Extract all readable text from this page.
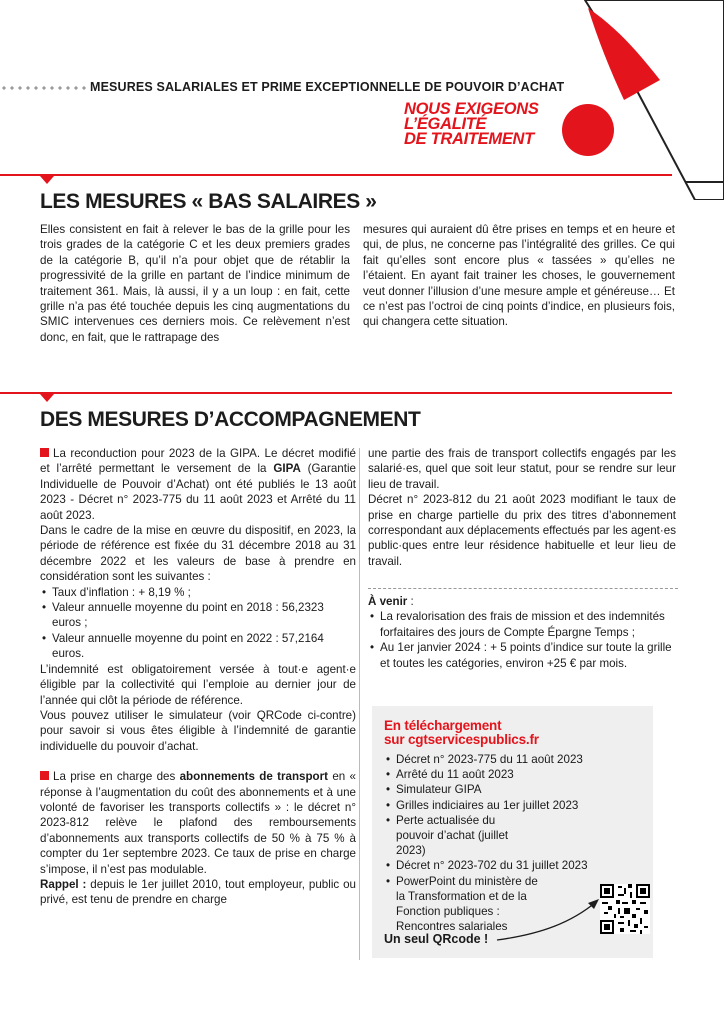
MESURES SALARIALES ET PRIME EXCEPTIONNELLE DE POUVOIR D’ACHAT
NOUS EXIGEONS
L’ÉGALITÉ
DE TRAITEMENT
LES MESURES « BAS SALAIRES »

Elles consistent en fait à relever le bas de la grille pour les trois grades de la catégorie C et les deux premiers grades de la catégorie B, qu’il n’a pour objet que de rétablir la progressivité de la grille en partant de l’indice minimum de traitement 361. Mais, là aussi, il y a un loup : en fait, cette grille n’a pas été touchée depuis les cinq augmentations du SMIC intervenues ces derniers mois. Ce relèvement n’est donc, en fait, que le rattrapage des

mesures qui auraient dû être prises en temps et en heure et qui, de plus, ne concerne pas l’intégralité des grilles. Ce qui fait qu’elles sont encore plus « tassées » qu’elles ne l’étaient. En ayant fait trainer les choses, le gouvernement veut donner l’illusion d’une mesure ample et généreuse… Et ce n’est pas l’octroi de cinq points d’indice, en plusieurs fois, qui changera cette situation.

DES MESURES D’ACCOMPAGNEMENT

La reconduction pour 2023 de la GIPA. Le décret modifié et l’arrêté permettant le versement de la GIPA (Garantie Individuelle de Pouvoir d’Achat) ont été publiés le 13 août 2023 - Décret n° 2023-775 du 11 août 2023 et Arrêté du 11 août 2023.

Dans le cadre de la mise en œuvre du dispositif, en 2023, la période de référence est fixée du 31 décembre 2018 au 31 décembre 2022 et les valeurs de base à prendre en considération sont les suivantes :

• Taux d’inflation : + 8,19 % ;
• Valeur annuelle moyenne du point en 2018 : 56,2323 euros ;
• Valeur annuelle moyenne du point en 2022 : 57,2164 euros.

L’indemnité est obligatoirement versée à tout·e agent·e éligible par la collectivité qui l’emploie au dernier jour de l’année qui clôt la période de référence.

Vous pouvez utiliser le simulateur (voir QRCode ci-contre) pour savoir si vous êtes éligible à l’indemnité de garantie individuelle du pouvoir d’achat.

La prise en charge des abonnements de transport en « réponse à l’augmentation du coût des abonnements et à une volonté de favoriser les transports collectifs » : le décret n° 2023-812 relève le plafond des remboursements d’abonnements aux transports collectifs de 50 % à 75 % à compter du 1er septembre 2023. Ce taux de prise en charge s’impose, il n’est pas modulable.

Rappel : depuis le 1er juillet 2010, tout employeur, public ou privé, est tenu de prendre en charge

une partie des frais de transport collectifs engagés par les salarié·es, quel que soit leur statut, pour se rendre sur leur lieu de travail.

Décret n° 2023-812 du 21 août 2023 modifiant le taux de prise en charge partielle du prix des titres d’abonnement correspondant aux déplacements effectués par les agent·es public·ques entre leur résidence habituelle et leur lieu de travail.

À venir :

• La revalorisation des frais de mission et des indemnités forfaitaires des jours de Compte Épargne Temps ;
• Au 1er janvier 2024 : + 5 points d’indice sur toute la grille et toutes les catégories, environ +25 € par mois.
En téléchargement
sur cgtservicespublics.fr
• Décret n° 2023-775 du 11 août 2023
• Arrêté du 11 août 2023
• Simulateur GIPA
• Grilles indiciaires au 1er juillet 2023
• Perte actualisée du pouvoir d’achat (juillet 2023)
• Décret n° 2023-702 du 31 juillet 2023
• PowerPoint du ministère de la Transformation et de la Fonction publiques : Rencontres salariales
Un seul QRcode !
